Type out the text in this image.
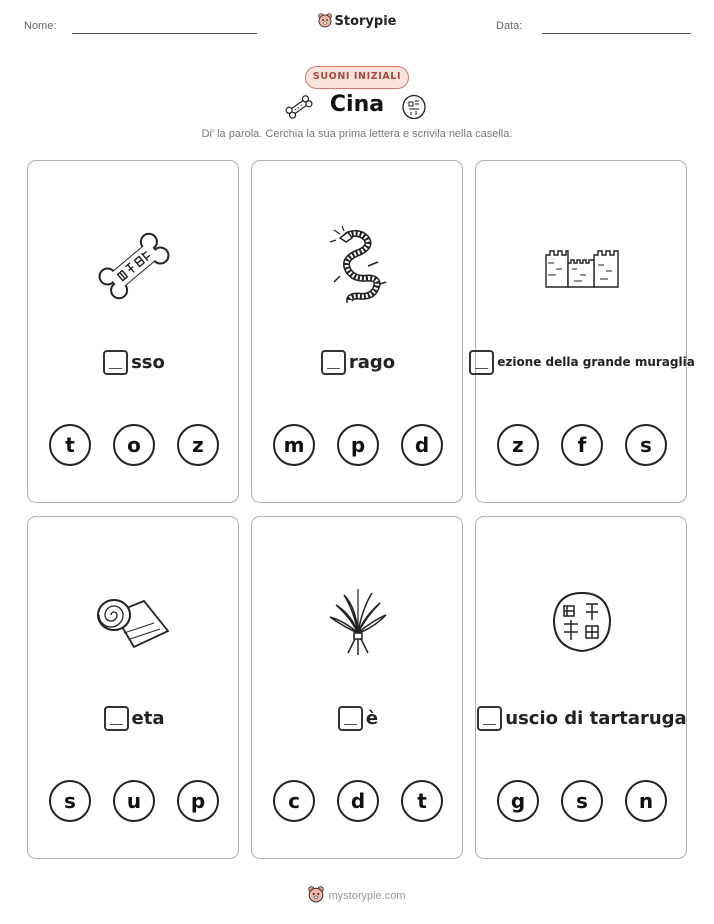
Nome:	Storypie	Data:
SUONI INIZIALI
Cina
Di' la parola. Cerchia la sua prima lettera e scrivila nella casella.
sso
t	o	z
rago
m	p	d
ezione della grande muraglia
z	f	s
eta
s	u	p
è
c	d	t
uscio di tartaruga
g	s	n
mystorypie.com
